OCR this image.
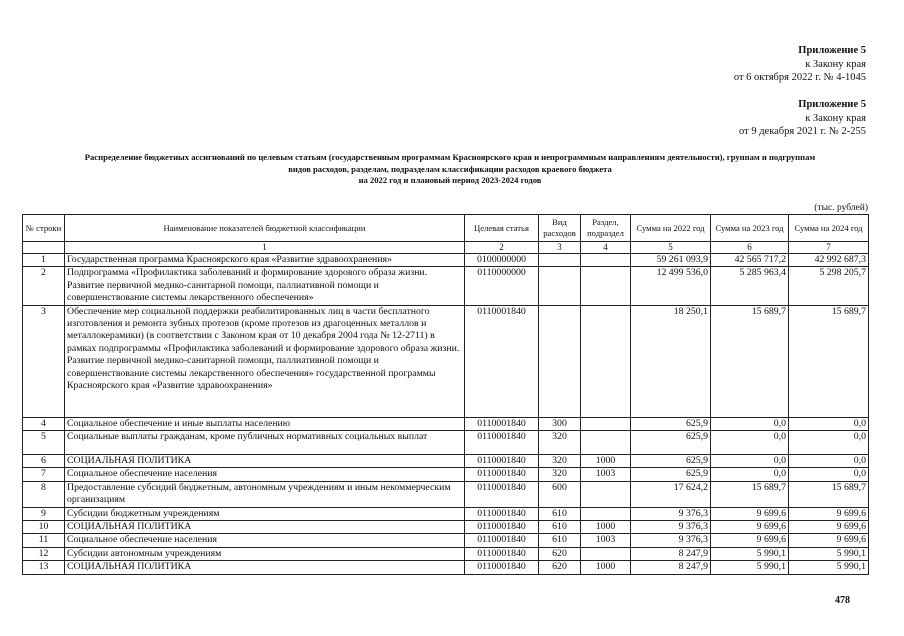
Приложение 5
к Закону края
от 6 октября 2022 г. № 4-1045
Приложение 5
к Закону края
от 9 декабря 2021 г. № 2-255
Распределение бюджетных ассигнований по целевым статьям (государственным программам Красноярского края и непрограммным направлениям деятельности), группам и подгруппам
видов расходов, разделам, подразделам классификации расходов краевого бюджета
на 2022 год и плановый период 2023-2024 годов
(тыс. рублей)
№ строки	Наименование показателей бюджетной классификации	Целевая статья	Вид расходов	Раздел, подраздел	Сумма на 2022 год	Сумма на 2023 год	Сумма на 2024 год
	1	2	3	4	5	6	7
1	Государственная программа Красноярского края «Развитие здравоохранения»	0100000000			59 261 093,9	42 565 717,2	42 992 687,3
2	Подпрограмма «Профилактика заболеваний и формирование здорового образа жизни. Развитие первичной медико-санитарной помощи, паллиативной помощи и совершенствование системы лекарственного обеспечения»	0110000000			12 499 536,0	5 285 963,4	5 298 205,7
3	Обеспечение мер социальной поддержки реабилитированных лиц в части бесплатного изготовления и ремонта зубных протезов (кроме протезов из драгоценных металлов и металлокерамики) (в соответствии с Законом края от 10 декабря 2004 года № 12-2711) в рамках подпрограммы «Профилактика заболеваний и формирование здорового образа жизни. Развитие первичной медико-санитарной помощи, паллиативной помощи и совершенствование системы лекарственного обеспечения» государственной программы Красноярского края «Развитие здравоохранения»	0110001840			18 250,1	15 689,7	15 689,7
4	Социальное обеспечение и иные выплаты населению	0110001840	300		625,9	0,0	0,0
5	Социальные выплаты гражданам, кроме публичных нормативных социальных выплат	0110001840	320		625,9	0,0	0,0
6	СОЦИАЛЬНАЯ ПОЛИТИКА	0110001840	320	1000	625,9	0,0	0,0
7	Социальное обеспечение населения	0110001840	320	1003	625,9	0,0	0,0
8	Предоставление субсидий бюджетным, автономным учреждениям и иным некоммерческим организациям	0110001840	600		17 624,2	15 689,7	15 689,7
9	Субсидии бюджетным учреждениям	0110001840	610		9 376,3	9 699,6	9 699,6
10	СОЦИАЛЬНАЯ ПОЛИТИКА	0110001840	610	1000	9 376,3	9 699,6	9 699,6
11	Социальное обеспечение населения	0110001840	610	1003	9 376,3	9 699,6	9 699,6
12	Субсидии автономным учреждениям	0110001840	620		8 247,9	5 990,1	5 990,1
13	СОЦИАЛЬНАЯ ПОЛИТИКА	0110001840	620	1000	8 247,9	5 990,1	5 990,1
478
